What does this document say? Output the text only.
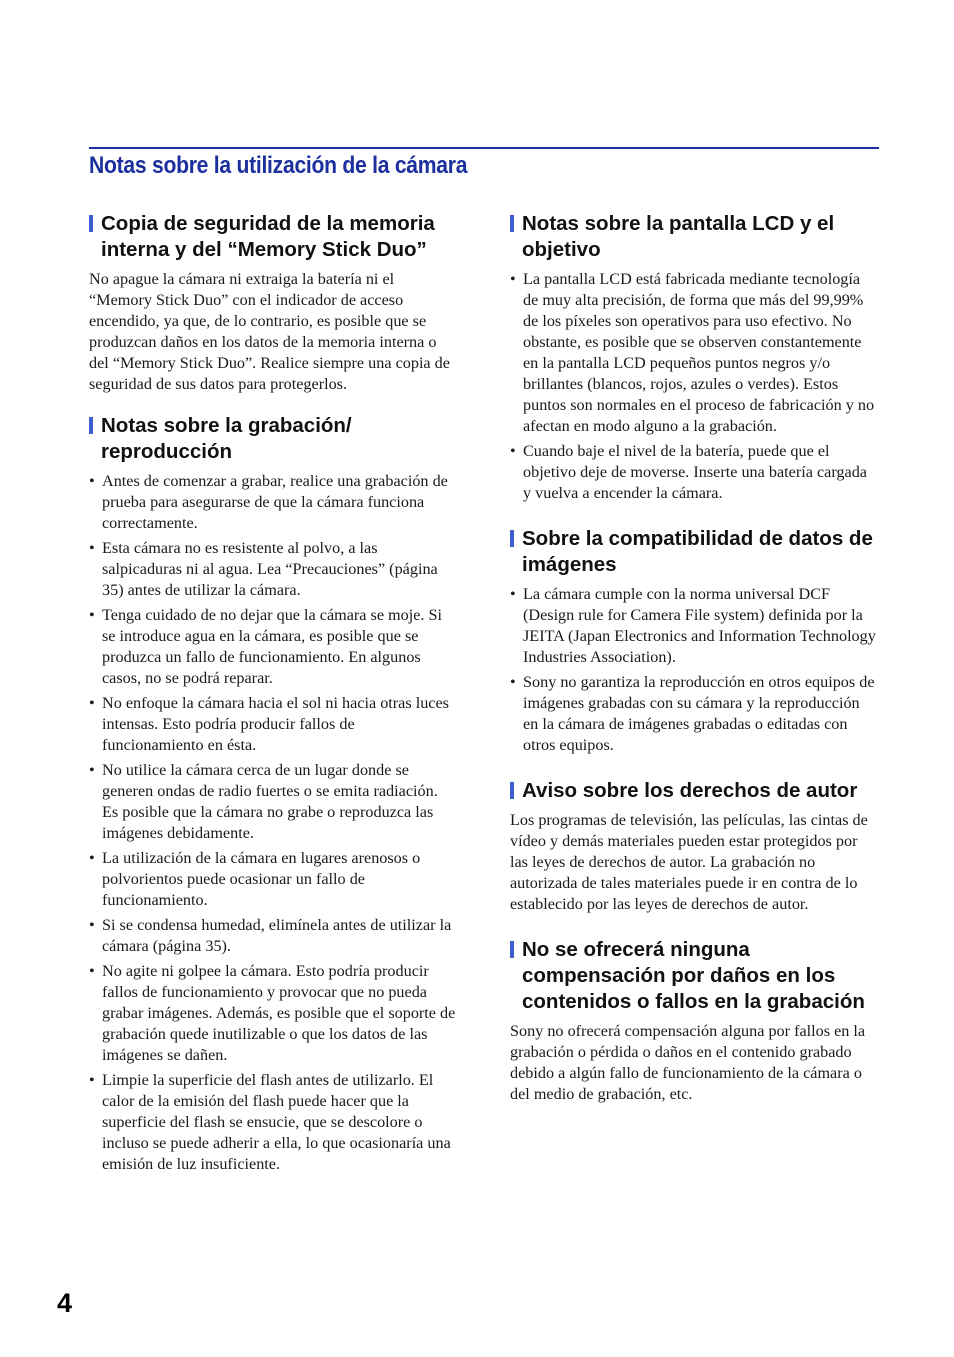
Notas sobre la utilización de la cámara
Copia de seguridad de la memoria interna y del “Memory Stick Duo”

No apague la cámara ni extraiga la batería ni el “Memory Stick Duo” con el indicador de acceso encendido, ya que, de lo contrario, es posible que se produzcan daños en los datos de la memoria interna o del “Memory Stick Duo”. Realice siempre una copia de seguridad de sus datos para protegerlos.

Notas sobre la grabación/ reproducción
• Antes de comenzar a grabar, realice una grabación de prueba para asegurarse de que la cámara funciona correctamente.
• Esta cámara no es resistente al polvo, a las salpicaduras ni al agua. Lea “Precauciones” (página 35) antes de utilizar la cámara.
• Tenga cuidado de no dejar que la cámara se moje. Si se introduce agua en la cámara, es posible que se produzca un fallo de funcionamiento. En algunos casos, no se podrá reparar.
• No enfoque la cámara hacia el sol ni hacia otras luces intensas. Esto podría producir fallos de funcionamiento en ésta.
• No utilice la cámara cerca de un lugar donde se generen ondas de radio fuertes o se emita radiación. Es posible que la cámara no grabe o reproduzca las imágenes debidamente.
• La utilización de la cámara en lugares arenosos o polvorientos puede ocasionar un fallo de funcionamiento.
• Si se condensa humedad, elimínela antes de utilizar la cámara (página 35).
• No agite ni golpee la cámara. Esto podría producir fallos de funcionamiento y provocar que no pueda grabar imágenes. Además, es posible que el soporte de grabación quede inutilizable o que los datos de las imágenes se dañen.
• Limpie la superficie del flash antes de utilizarlo. El calor de la emisión del flash puede hacer que la superficie del flash se ensucie, que se descolore o incluso se puede adherir a ella, lo que ocasionaría una emisión de luz insuficiente.
Notas sobre la pantalla LCD y el objetivo
• La pantalla LCD está fabricada mediante tecnología de muy alta precisión, de forma que más del 99,99% de los píxeles son operativos para uso efectivo. No obstante, es posible que se observen constantemente en la pantalla LCD pequeños puntos negros y/o brillantes (blancos, rojos, azules o verdes). Estos puntos son normales en el proceso de fabricación y no afectan en modo alguno a la grabación.
• Cuando baje el nivel de la batería, puede que el objetivo deje de moverse. Inserte una batería cargada y vuelva a encender la cámara.
Sobre la compatibilidad de datos de imágenes
• La cámara cumple con la norma universal DCF (Design rule for Camera File system) definida por la JEITA (Japan Electronics and Information Technology Industries Association).
• Sony no garantiza la reproducción en otros equipos de imágenes grabadas con su cámara y la reproducción en la cámara de imágenes grabadas o editadas con otros equipos.
Aviso sobre los derechos de autor

Los programas de televisión, las películas, las cintas de vídeo y demás materiales pueden estar protegidos por las leyes de derechos de autor. La grabación no autorizada de tales materiales puede ir en contra de lo establecido por las leyes de derechos de autor.

No se ofrecerá ninguna compensación por daños en los contenidos o fallos en la grabación

Sony no ofrecerá compensación alguna por fallos en la grabación o pérdida o daños en el contenido grabado debido a algún fallo de funcionamiento de la cámara o del medio de grabación, etc.

4
